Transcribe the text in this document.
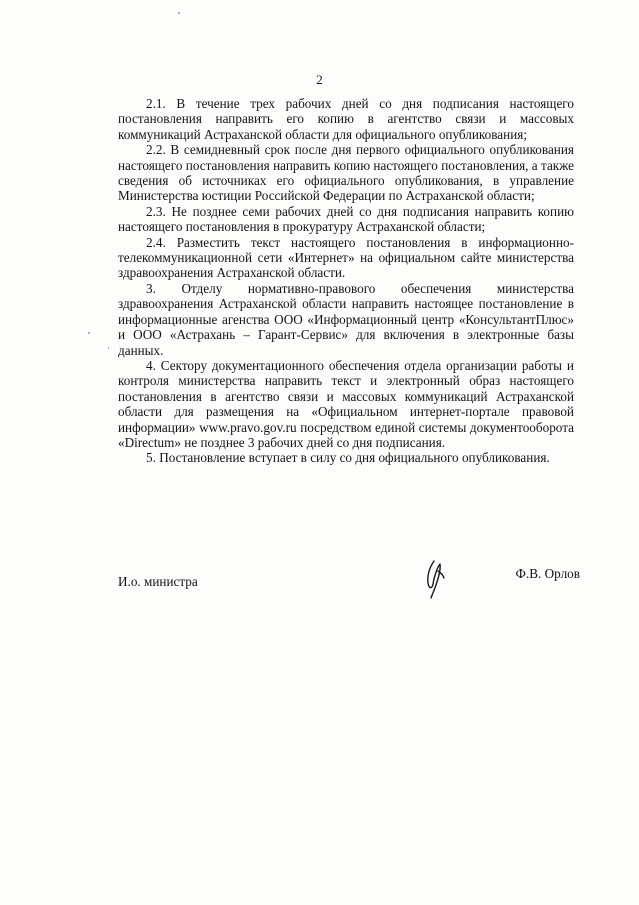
2

2.1. В течение трех рабочих дней со дня подписания настоящего постановления направить его копию в агентство связи и массовых коммуникаций Астраханской области для официального опубликования;

2.2. В семидневный срок после дня первого официального опубликования настоящего постановления направить копию настоящего постановления, а также сведения об источниках его официального опубликования, в управление Министерства юстиции Российской Федерации по Астраханской области;

2.3. Не позднее семи рабочих дней со дня подписания направить копию настоящего постановления в прокуратуру Астраханской области;

2.4. Разместить текст настоящего постановления в информационно-телекоммуникационной сети «Интернет» на официальном сайте министерства здравоохранения Астраханской области.

3. Отделу нормативно-правового обеспечения министерства здравоохранения Астраханской области направить настоящее постановление в информационные агенства ООО «Информационный центр «КонсультантПлюс» и ООО «Астрахань – Гарант-Сервис» для включения в электронные базы данных.

4. Сектору документационного обеспечения отдела организации работы и контроля министерства направить текст и электронный образ настоящего постановления в агентство связи и массовых коммуникаций Астраханской области для размещения на «Официальном интернет-портале правовой информации» www.pravo.gov.ru посредством единой системы документооборота «Directum» не позднее 3 рабочих дней со дня подписания.

5. Постановление вступает в силу со дня официального опубликования.

И.о. министра
Ф.В. Орлов
